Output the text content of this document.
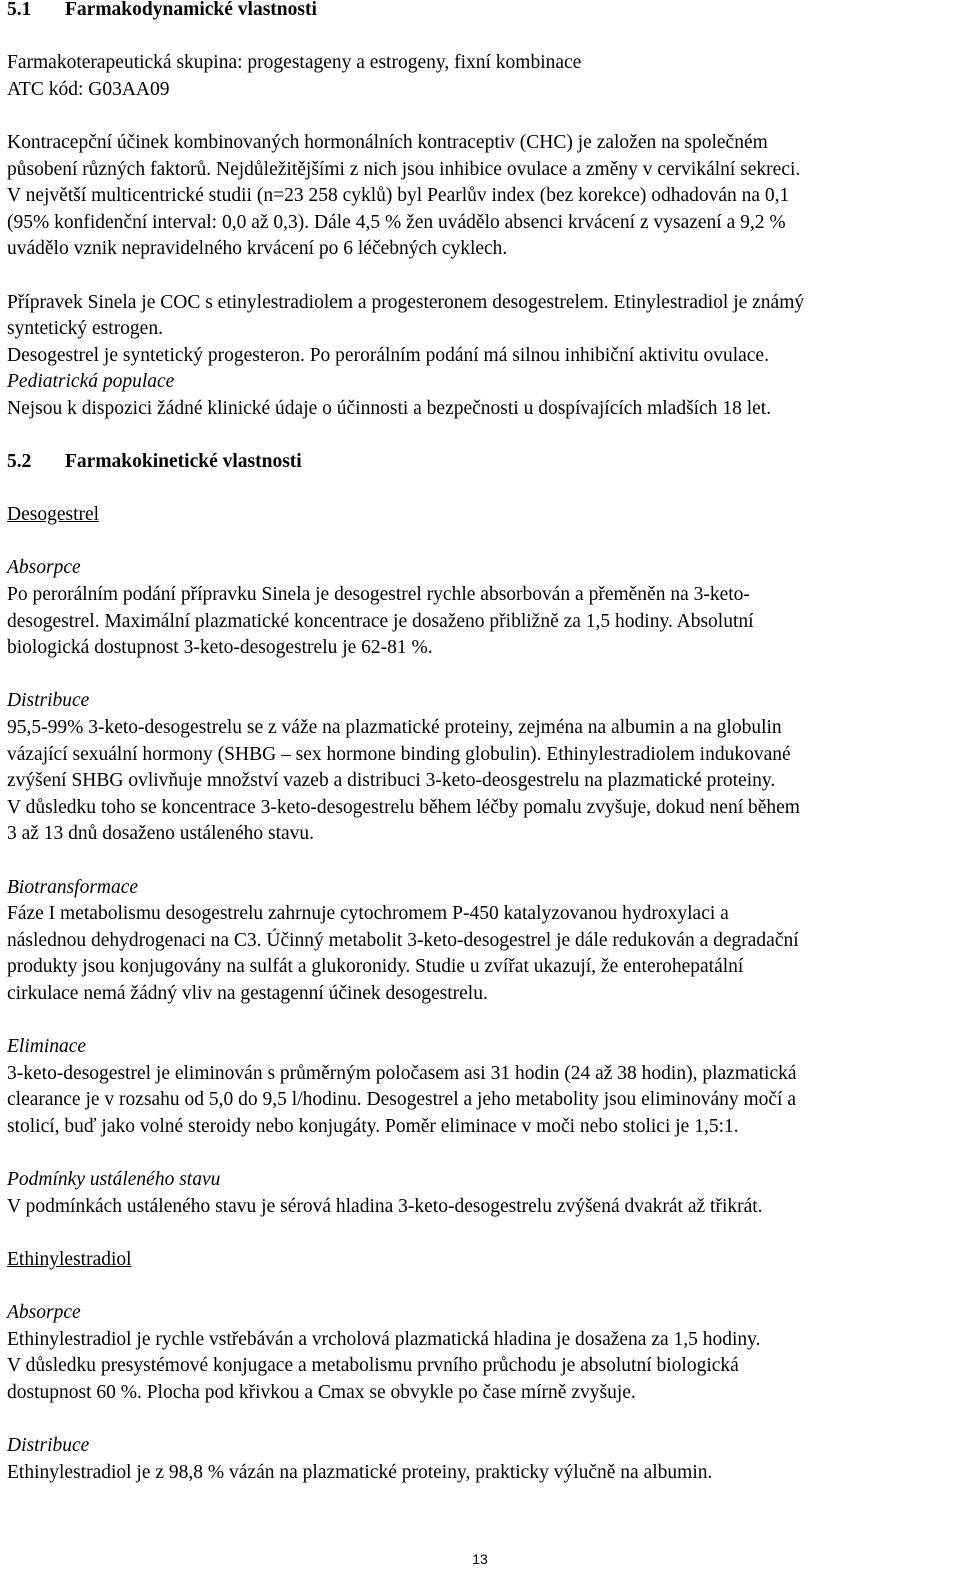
5.1 Farmakodynamické vlastnosti

Farmakoterapeutická skupina: progestageny a estrogeny, fixní kombinace

ATC kód: G03AA09

Kontracepční účinek kombinovaných hormonálních kontraceptiv (CHC) je založen na společném

působení různých faktorů. Nejdůležitějšími z nich jsou inhibice ovulace a změny v cervikální sekreci.

V největší multicentrické studii (n=23 258 cyklů) byl Pearlův index (bez korekce) odhadován na 0,1

(95% konfidenční interval: 0,0 až 0,3). Dále 4,5 % žen uvádělo absenci krvácení z vysazení a 9,2 %

uvádělo vznik nepravidelného krvácení po 6 léčebných cyklech.

Přípravek Sinela je COC s etinylestradiolem a progesteronem desogestrelem. Etinylestradiol je známý

syntetický estrogen.

Desogestrel je syntetický progesteron. Po perorálním podání má silnou inhibiční aktivitu ovulace.

Pediatrická populace

Nejsou k dispozici žádné klinické údaje o účinnosti a bezpečnosti u dospívajících mladších 18 let.

5.2 Farmakokinetické vlastnosti

Desogestrel

Absorpce

Po perorálním podání přípravku Sinela je desogestrel rychle absorbován a přeměněn na 3-keto-

desogestrel. Maximální plazmatické koncentrace je dosaženo přibližně za 1,5 hodiny. Absolutní

biologická dostupnost 3-keto-desogestrelu je 62-81 %.

Distribuce

95,5-99% 3-keto-desogestrelu se z váže na plazmatické proteiny, zejména na albumin a na globulin

vázající sexuální hormony (SHBG – sex hormone binding globulin). Ethinylestradiolem indukované

zvýšení SHBG ovlivňuje množství vazeb a distribuci 3-keto-deosgestrelu na plazmatické proteiny.

V důsledku toho se koncentrace 3-keto-desogestrelu během léčby pomalu zvyšuje, dokud není během

3 až 13 dnů dosaženo ustáleného stavu.

Biotransformace

Fáze I metabolismu desogestrelu zahrnuje cytochromem P-450 katalyzovanou hydroxylaci a

následnou dehydrogenaci na C3. Účinný metabolit 3-keto-desogestrel je dále redukován a degradační

produkty jsou konjugovány na sulfát a glukoronidy. Studie u zvířat ukazují, že enterohepatální

cirkulace nemá žádný vliv na gestagenní účinek desogestrelu.

Eliminace

3-keto-desogestrel je eliminován s průměrným poločasem asi 31 hodin (24 až 38 hodin), plazmatická

clearance je v rozsahu od 5,0 do 9,5 l/hodinu. Desogestrel a jeho metabolity jsou eliminovány močí a

stolicí, buď jako volné steroidy nebo konjugáty. Poměr eliminace v moči nebo stolici je 1,5:1.

Podmínky ustáleného stavu

V podmínkách ustáleného stavu je sérová hladina 3-keto-desogestrelu zvýšená dvakrát až třikrát.

Ethinylestradiol

Absorpce

Ethinylestradiol je rychle vstřebáván a vrcholová plazmatická hladina je dosažena za 1,5 hodiny.

V důsledku presystémové konjugace a metabolismu prvního průchodu je absolutní biologická

dostupnost 60 %. Plocha pod křivkou a Cmax se obvykle po čase mírně zvyšuje.

Distribuce

Ethinylestradiol je z 98,8 % vázán na plazmatické proteiny, prakticky výlučně na albumin.

13
